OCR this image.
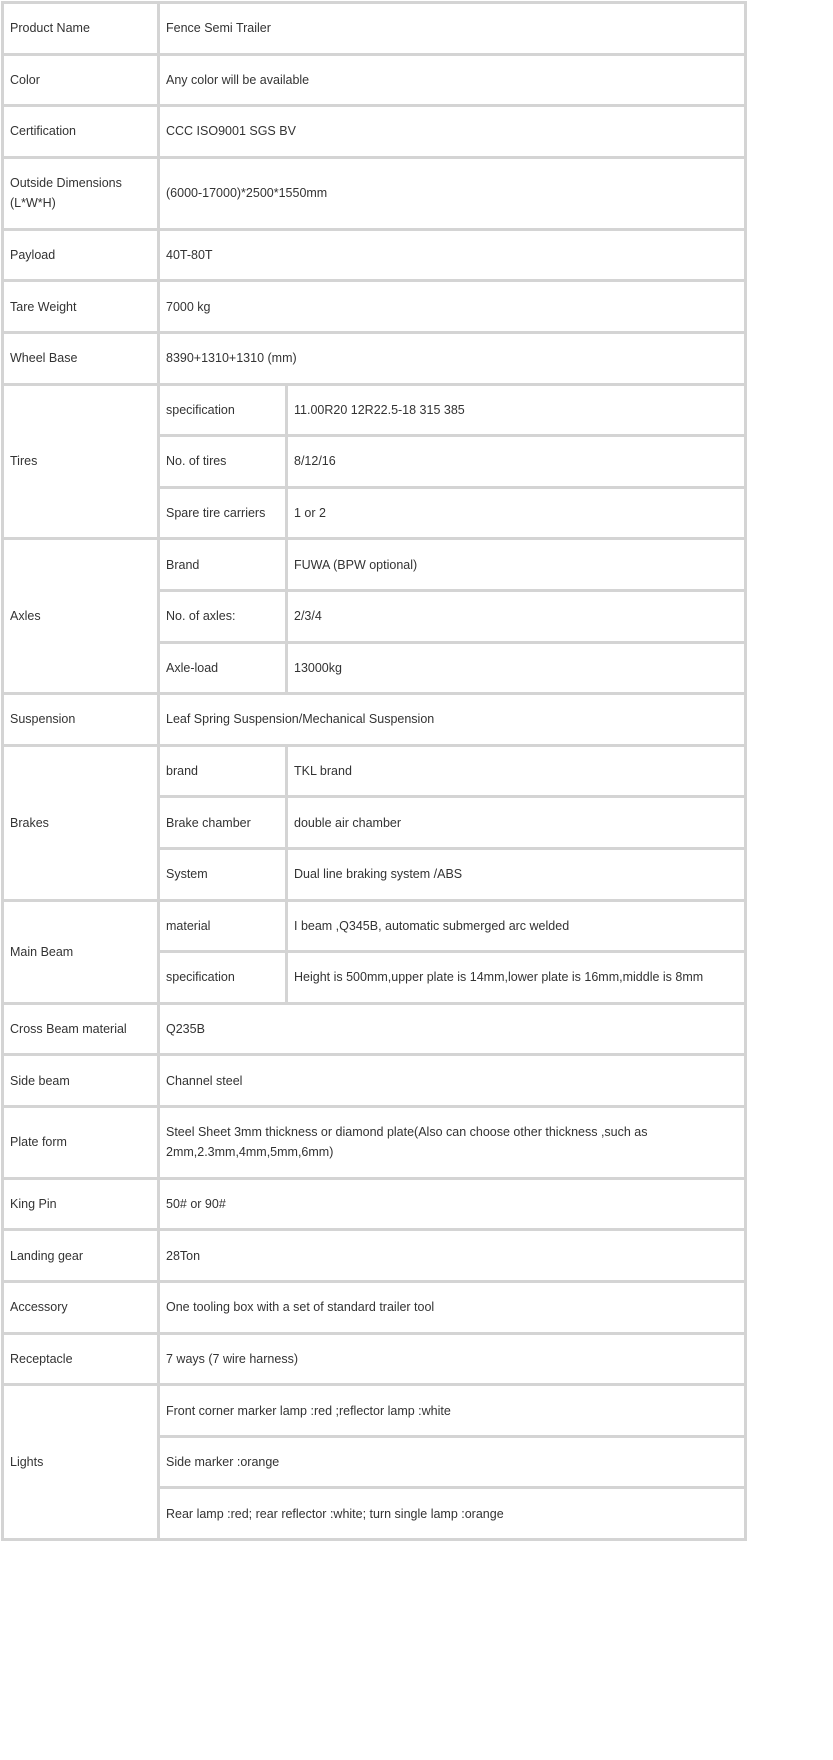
Product Name	Fence Semi Trailer	
Color	Any color will be available	
Certification	CCC ISO9001 SGS BV	
Outside Dimensions (L*W*H)	(6000-17000)*2500*1550mm	
Payload	40T-80T	
Tare Weight	7000 kg	
Wheel Base	8390+1310+1310 (mm)	
Tires	specification	11.00R20 12R22.5-18 315 385
	No. of tires	8/12/16
	Spare tire carriers	1 or 2
Axles	Brand	FUWA (BPW optional)
	No. of axles:	2/3/4
	Axle-load	13000kg
Suspension	Leaf Spring Suspension/Mechanical Suspension	
Brakes	brand	TKL brand
	Brake chamber	double air chamber
	System	Dual line braking system /ABS
Main Beam	material	I beam ,Q345B, automatic submerged arc welded
	specification	Height is 500mm,upper plate is 14mm,lower plate is 16mm,middle is 8mm
Cross Beam material	Q235B	
Side beam	Channel steel	
Plate form	Steel Sheet 3mm thickness or diamond plate(Also can choose other thickness ,such as 2mm,2.3mm,4mm,5mm,6mm)	
King Pin	50# or 90#	
Landing gear	28Ton	
Accessory	One tooling box with a set of standard trailer tool	
Receptacle	7 ways (7 wire harness)	
Lights	Front corner marker lamp :red ;reflector lamp :white	
	Side marker :orange	
	Rear lamp :red; rear reflector :white; turn single lamp :orange	
